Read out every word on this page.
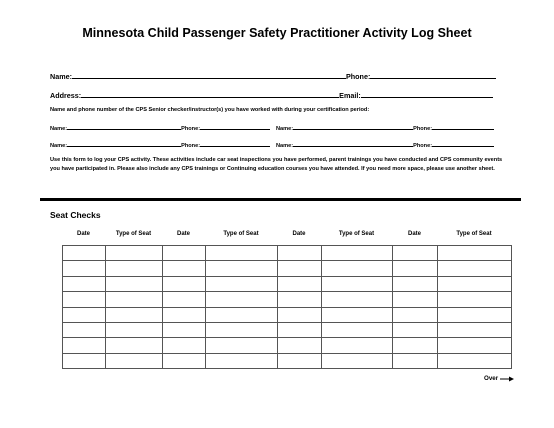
Minnesota Child Passenger Safety Practitioner Activity Log Sheet
Name:	Phone:
Address:	Email:
Name and phone number of the CPS Senior checker/instructor(s) you have worked with during your certification period:
Name:	Phone:	Name:	Phone:
Name:	Phone:	Name:	Phone:
Use this form to log your CPS activity. These activities include car seat inspections you have performed, parent trainings you have conducted and CPS community events you have participated in. Please also include any CPS trainings or Continuing education courses you have attended. If you need more space, please use another sheet.
Seat Checks
Date	Type of Seat	Date	Type of Seat	Date	Type of Seat	Date	Type of Seat

Over
